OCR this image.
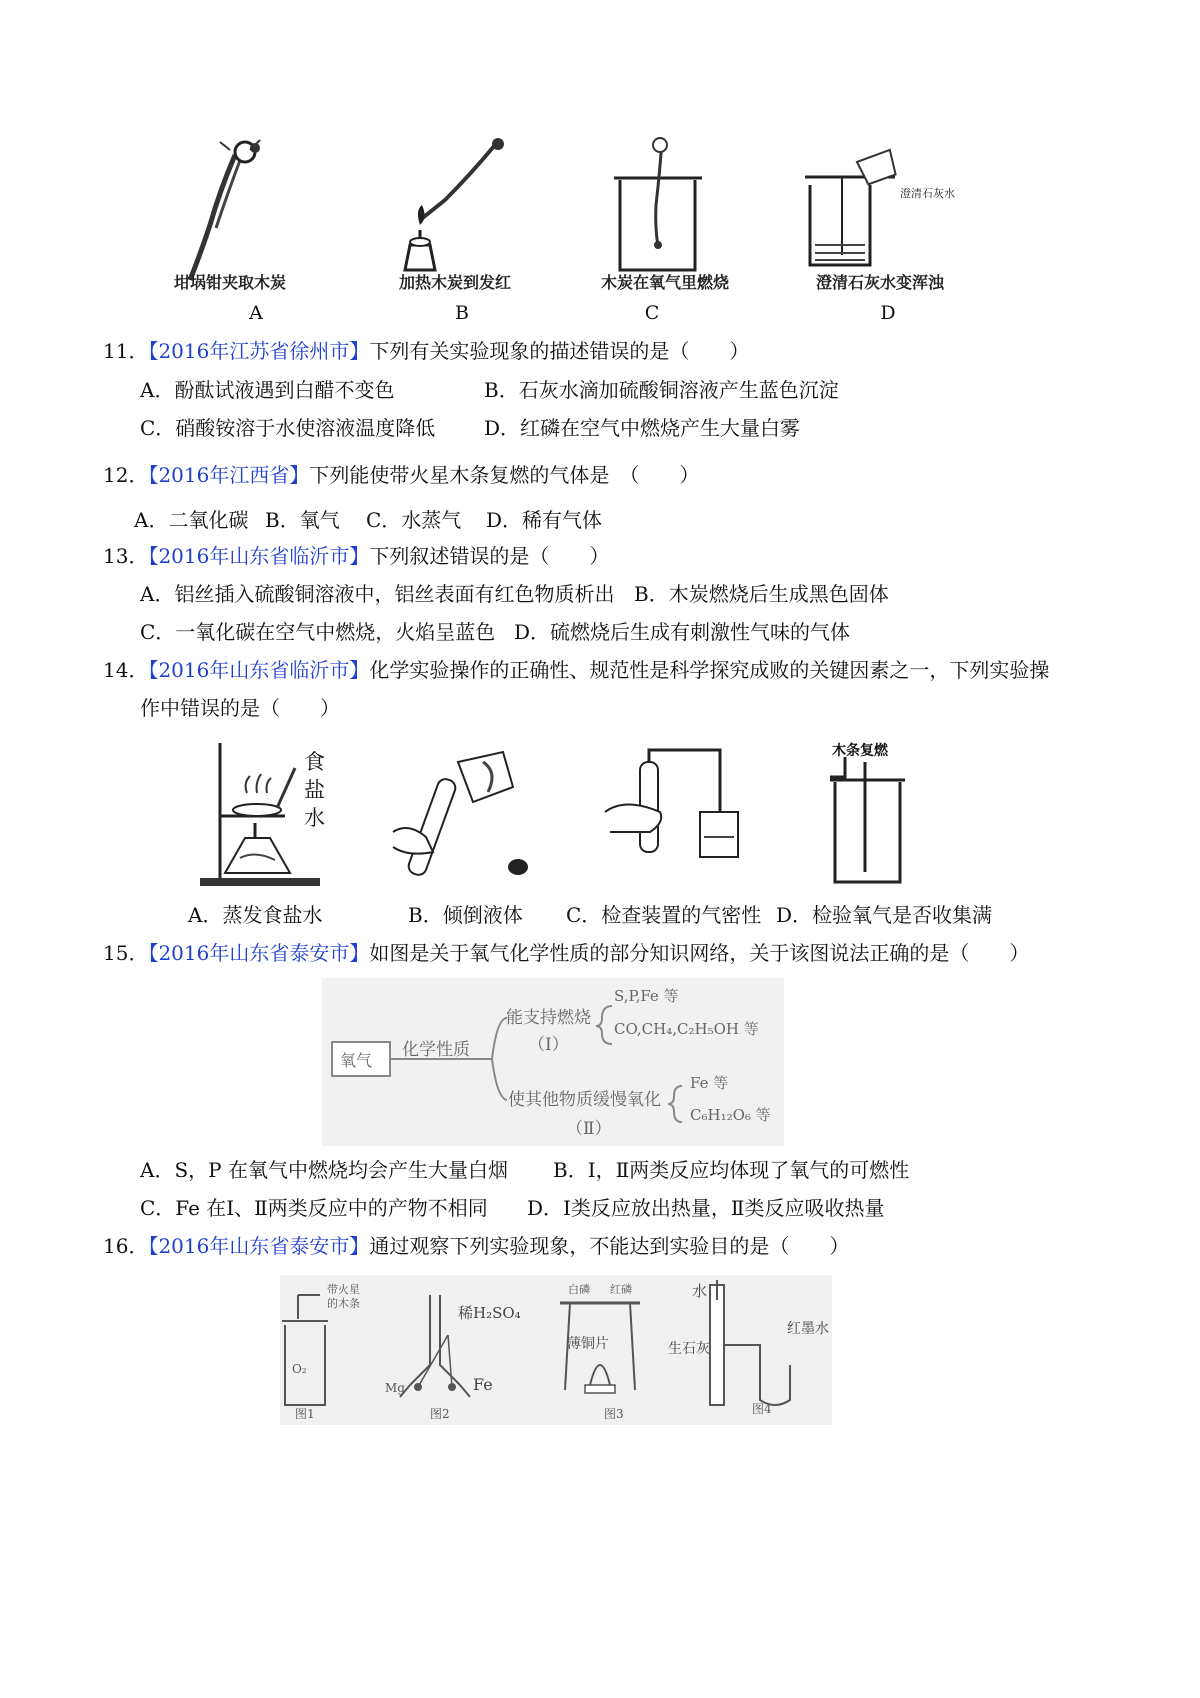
澄清石灰水
坩埚钳夹取木炭	加热木炭到发红	木炭在氧气里燃烧	澄清石灰水变浑浊
A	B	C	D
11．【2016年江苏省徐州市】下列有关实验现象的描述错误的是（　　）
A．酚酞试液遇到白醋不变色	B．石灰水滴加硫酸铜溶液产生蓝色沉淀
C．硝酸铵溶于水使溶液温度降低 D．红磷在空气中燃烧产生大量白雾
12．【2016年江西省】下列能使带火星木条复燃的气体是　（　　）
A．二氧化碳 B．氧气 C．水蒸气 D．稀有气体
13．【2016年山东省临沂市】下列叙述错误的是（　　）
A．铝丝插入硫酸铜溶液中，铝丝表面有红色物质析出 B．木炭燃烧后生成黑色固体
C．一氧化碳在空气中燃烧，火焰呈蓝色 D．硫燃烧后生成有刺激性气味的气体
14．【2016年山东省临沂市】化学实验操作的正确性、规范性是科学探究成败的关键因素之一，下列实验操
作中错误的是（　　）
食
盐
水
木条复燃
A．蒸发食盐水	B．倾倒液体 C．检查装置的气密性 D．检验氧气是否收集满
15．【2016年山东省泰安市】如图是关于氧气化学性质的部分知识网络，关于该图说法正确的是（　　）
氧气
化学性质
能支持燃烧
（Ⅰ）
S,P,Fe 等
CO,CH₄,C₂H₅OH 等
使其他物质缓慢氧化
（Ⅱ）
Fe 等
C₆H₁₂O₆ 等
A．S，P 在氧气中燃烧均会产生大量白烟 B．Ⅰ，Ⅱ两类反应均体现了氧气的可燃性
C．Fe 在Ⅰ、Ⅱ两类反应中的产物不相同 D．Ⅰ类反应放出热量，Ⅱ类反应吸收热量
16．【2016年山东省泰安市】通过观察下列实验现象，不能达到实验目的是（　　）
带火星的木条
O₂
稀H₂SO₄
Mg	Fe
白磷 红磷
薄铜片
水
生石灰
红墨水
图1	图2	图3	图4
